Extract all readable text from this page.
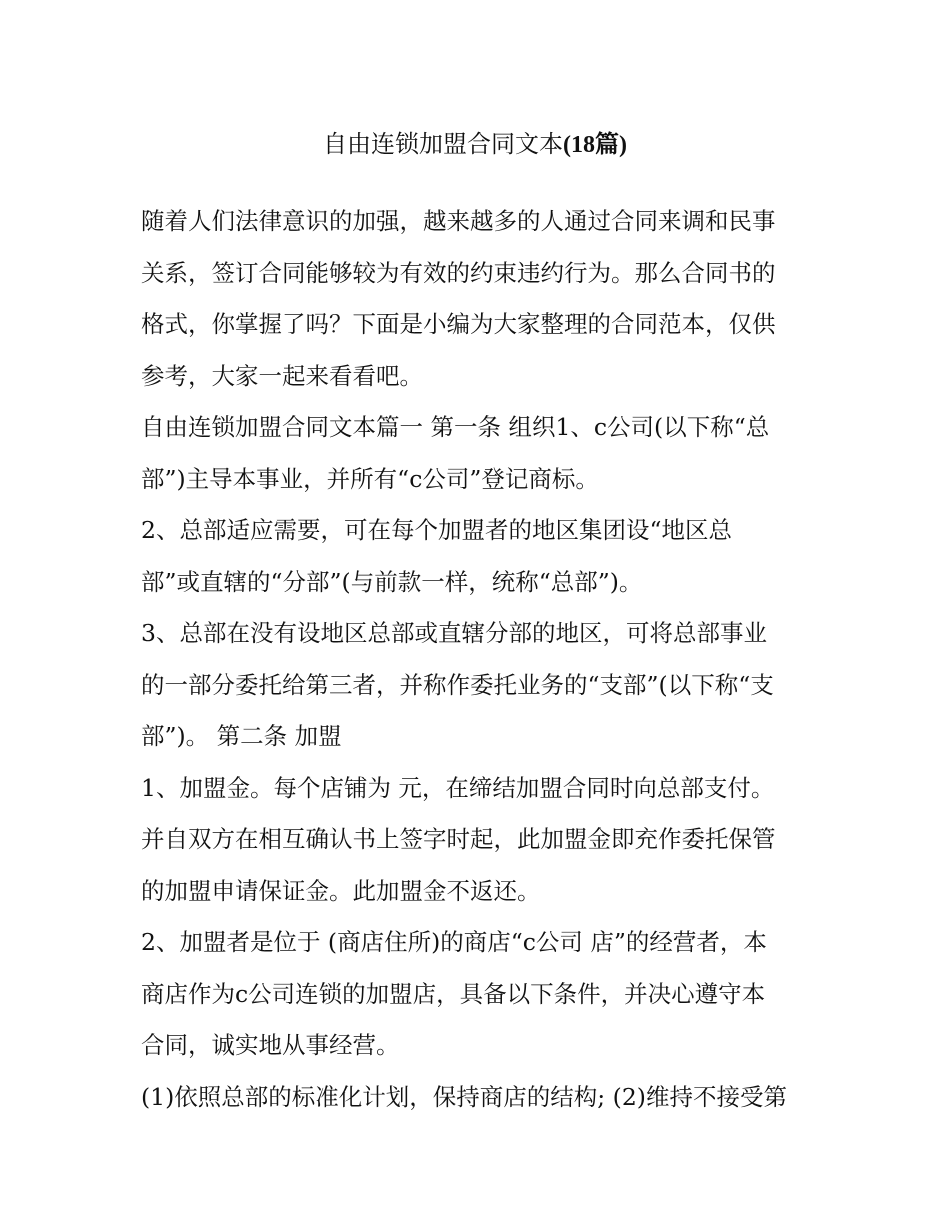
自由连锁加盟合同文本(18篇)
随着人们法律意识的加强，越来越多的人通过合同来调和民事
关系，签订合同能够较为有效的约束违约行为。那么合同书的
格式，你掌握了吗？下面是小编为大家整理的合同范本，仅供
参考，大家一起来看看吧。
自由连锁加盟合同文本篇一 第一条 组织1、c公司(以下称“总
部”)主导本事业，并所有“c公司”登记商标。
2、总部适应需要，可在每个加盟者的地区集团设“地区总
部”或直辖的“分部”(与前款一样，统称“总部”)。
3、总部在没有设地区总部或直辖分部的地区，可将总部事业
的一部分委托给第三者，并称作委托业务的“支部”(以下称“支
部”)。 第二条 加盟
1、加盟金。每个店铺为 元，在缔结加盟合同时向总部支付。
并自双方在相互确认书上签字时起，此加盟金即充作委托保管
的加盟申请保证金。此加盟金不返还。
2、加盟者是位于 (商店住所)的商店“c公司 店”的经营者，本
商店作为c公司连锁的加盟店，具备以下条件，并决心遵守本
合同，诚实地从事经营。
(1)依照总部的标准化计划，保持商店的结构; (2)维持不接受第
